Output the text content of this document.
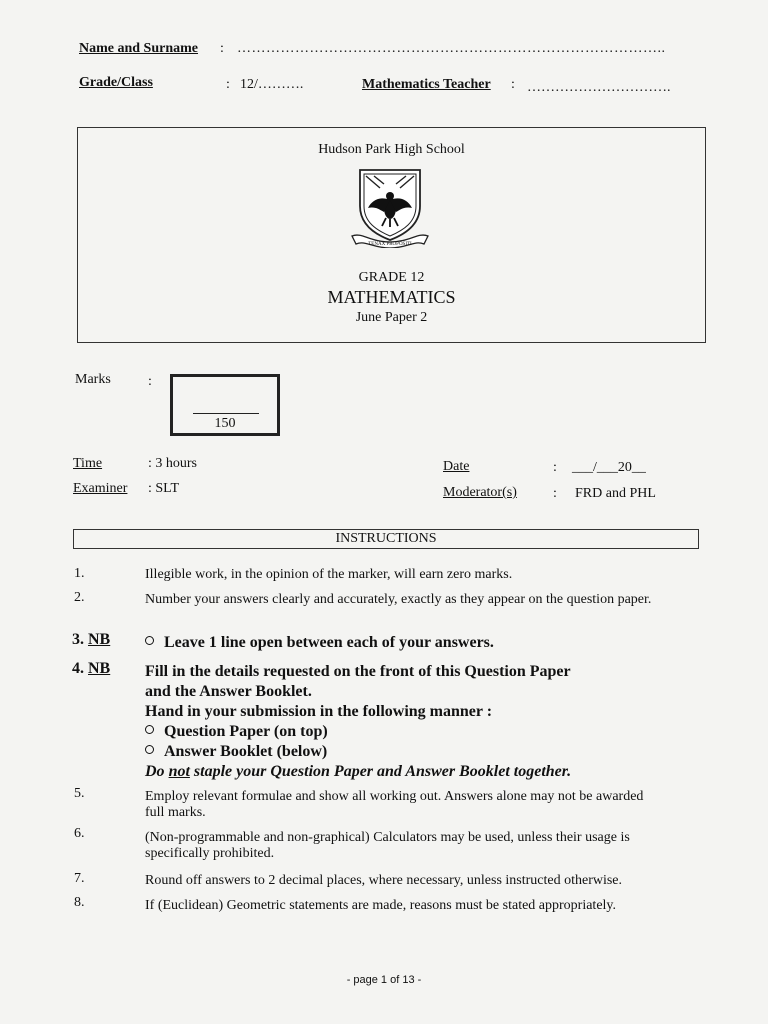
Name and Surname : ……………………………………………………………………………..
Grade/Class	: 12/……….	Mathematics Teacher : ………………………….
Hudson Park High School
TENAX PROPOSITI
GRADE 12
MATHEMATICS
June Paper 2
Marks	:
150
Time	: 3 hours
Examiner : SLT
Date	: ___/___20__
Moderator(s)	: FRD and PHL
INSTRUCTIONS
1.	Illegible work, in the opinion of the marker, will earn zero marks.
2.	Number your answers clearly and accurately, exactly as they appear on the question paper.
3. NB	Leave 1 line open between each of your answers.
4. NB Fill in the details requested on the front of this Question Paper
and the Answer Booklet.
Hand in your submission in the following manner :
Question Paper (on top)
Answer Booklet (below)
Do not staple your Question Paper and Answer Booklet together.
5.	Employ relevant formulae and show all working out. Answers alone may not be awarded full marks.
6.	(Non-programmable and non-graphical) Calculators may be used, unless their usage is specifically prohibited.
7.	Round off answers to 2 decimal places, where necessary, unless instructed otherwise.
8.	If (Euclidean) Geometric statements are made, reasons must be stated appropriately.
- page 1 of 13 -
